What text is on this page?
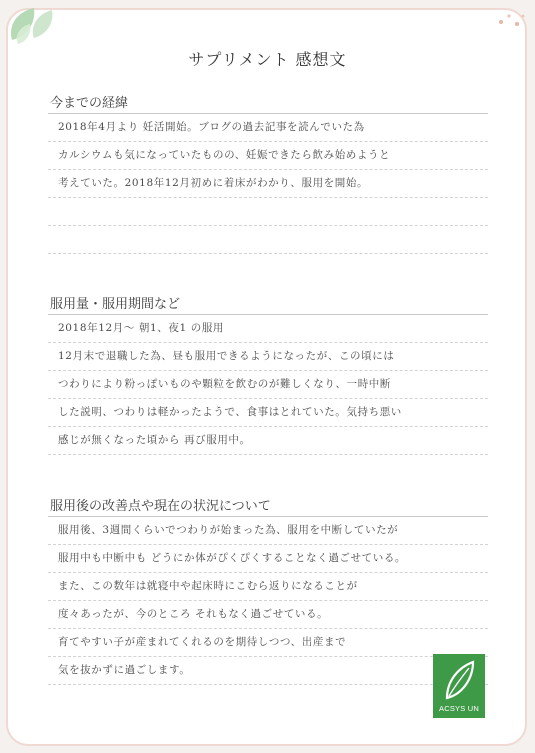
サプリメント 感想文
今までの経緯
2018年4月より 妊活開始。ブログの過去記事を読んでいた為
カルシウムも気になっていたものの、妊娠できたら飲み始めようと
考えていた。2018年12月初めに着床がわかり、服用を開始。
服用量・服用期間など
2018年12月～ 朝1、夜1 の服用
12月末で退職した為、昼も服用できるようになったが、この頃には
つわりにより粉っぽいものや顆粒を飲むのが難しくなり、一時中断
した説明、つわりは軽かったようで、食事はとれていた。気持ち悪い
感じが無くなった頃から 再び服用中。
服用後の改善点や現在の状況について
服用後、3週間くらいでつわりが始まった為、服用を中断していたが
服用中も中断中も どうにか体がぴくぴくすることなく過ごせている。
また、この数年は就寝中や起床時にこむら返りになることが
度々あったが、今のところ それもなく過ごせている。
育てやすい子が産まれてくれるのを期待しつつ、出産まで
気を抜かずに過ごします。
ACSYS UN
